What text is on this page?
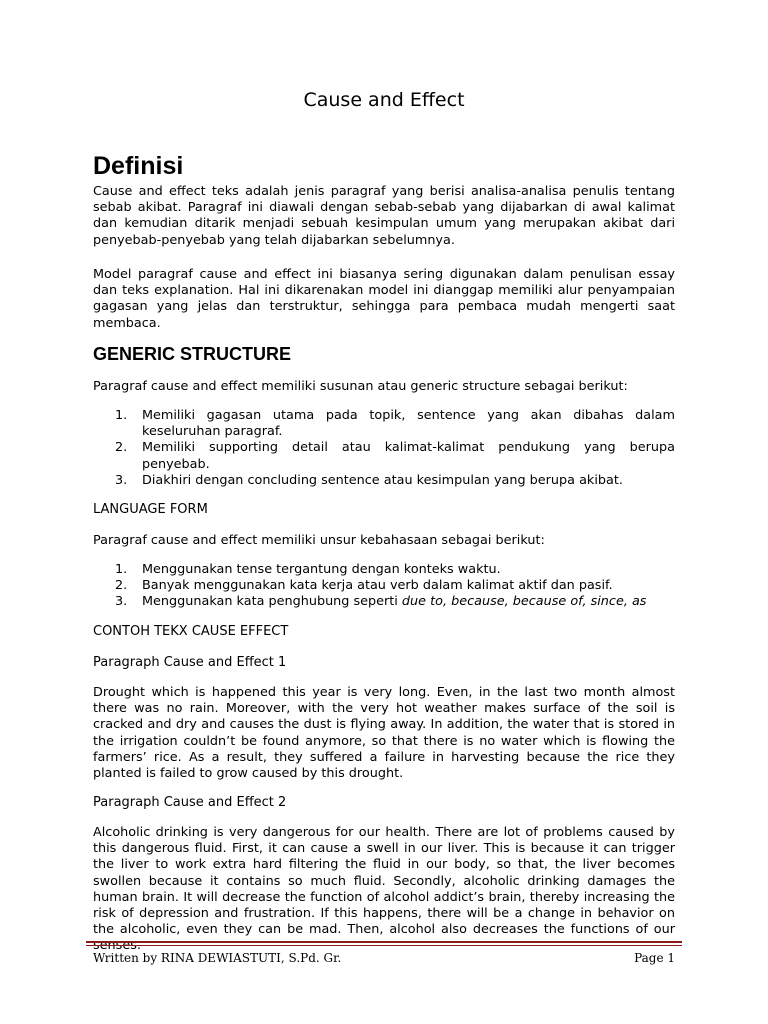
Cause and Effect
Definisi

Cause and effect teks adalah jenis paragraf yang berisi analisa-analisa penulis tentang sebab akibat. Paragraf ini diawali dengan sebab-sebab yang dijabarkan di awal kalimat dan kemudian ditarik menjadi sebuah kesimpulan umum yang merupakan akibat dari penyebab-penyebab yang telah dijabarkan sebelumnya.

Model paragraf cause and effect ini biasanya sering digunakan dalam penulisan essay dan teks explanation. Hal ini dikarenakan model ini dianggap memiliki alur penyampaian gagasan yang jelas dan terstruktur, sehingga para pembaca mudah mengerti saat membaca.

GENERIC STRUCTURE

Paragraf cause and effect memiliki susunan atau generic structure sebagai berikut:

1. Memiliki gagasan utama pada topik, sentence yang akan dibahas dalam keseluruhan paragraf.
2. Memiliki supporting detail atau kalimat-kalimat pendukung yang berupa penyebab.
3. Diakhiri dengan concluding sentence atau kesimpulan yang berupa akibat.

LANGUAGE FORM

Paragraf cause and effect memiliki unsur kebahasaan sebagai berikut:

1. Menggunakan tense tergantung dengan konteks waktu.
2. Banyak menggunakan kata kerja atau verb dalam kalimat aktif dan pasif.
3. Menggunakan kata penghubung seperti due to, because, because of, since, as

CONTOH TEKX CAUSE EFFECT

Paragraph Cause and Effect 1

Drought which is happened this year is very long. Even, in the last two month almost there was no rain. Moreover, with the very hot weather makes surface of the soil is cracked and dry and causes the dust is flying away. In addition, the water that is stored in the irrigation couldn’t be found anymore, so that there is no water which is flowing the farmers’ rice. As a result, they suffered a failure in harvesting because the rice they planted is failed to grow caused by this drought.

Paragraph Cause and Effect 2

Alcoholic drinking is very dangerous for our health. There are lot of problems caused by this dangerous fluid. First, it can cause a swell in our liver. This is because it can trigger the liver to work extra hard filtering the fluid in our body, so that, the liver becomes swollen because it contains so much fluid. Secondly, alcoholic drinking damages the human brain. It will decrease the function of alcohol addict’s brain, thereby increasing the risk of depression and frustration. If this happens, there will be a change in behavior on the alcoholic, even they can be mad. Then, alcohol also decreases the functions of our

Written by RINA DEWIASTUTI, S.Pd. Gr.	Page 1
